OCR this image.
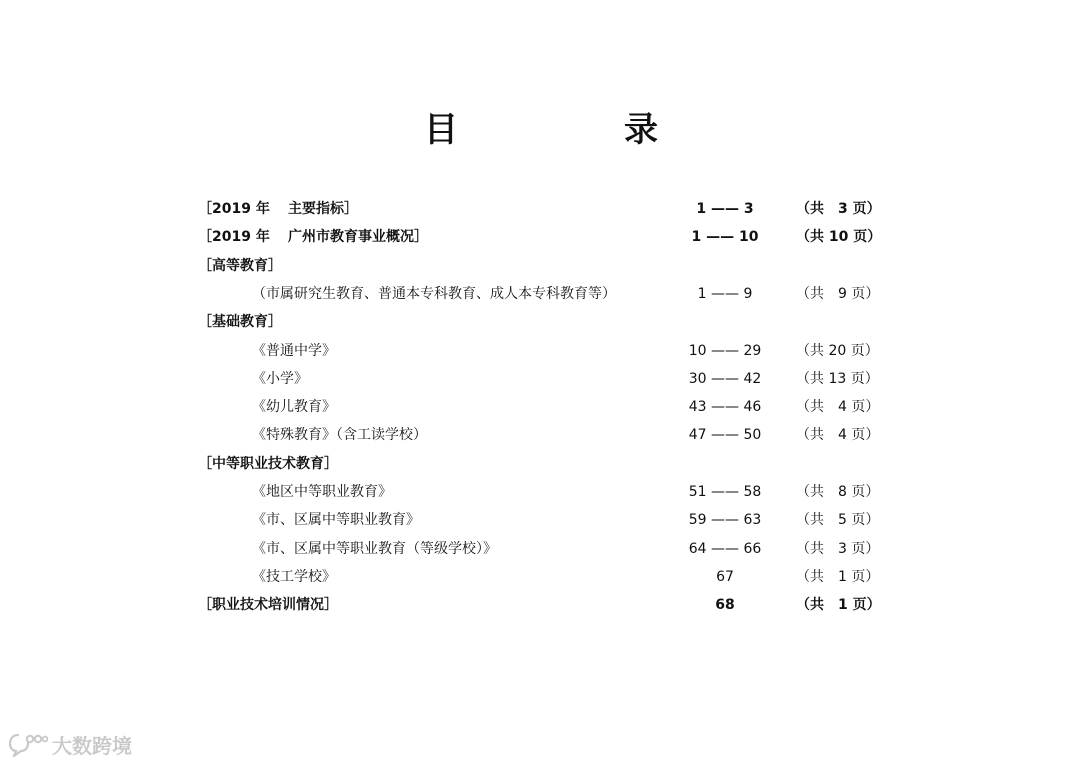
目	录
［2019 年 主要指标］	1 —— 3	（共　3 页）
［2019 年 广州市教育事业概况］	1 —— 10	（共 10 页）
［高等教育］
（市属研究生教育、普通本专科教育、成人本专科教育等）	1 —— 9	（共　9 页）
［基础教育］
《普通中学》	10 —— 29	（共 20 页）
《小学》	30 —— 42	（共 13 页）
《幼儿教育》	43 —— 46	（共　4 页）
《特殊教育》（含工读学校）	47 —— 50	（共　4 页）
［中等职业技术教育］
《地区中等职业教育》	51 —— 58	（共　8 页）
《市、区属中等职业教育》	59 —— 63	（共　5 页）
《市、区属中等职业教育（等级学校）》	64 —— 66	（共　3 页）
《技工学校》	67	（共　1 页）
［职业技术培训情况］	68	（共　1 页）
大数跨境
